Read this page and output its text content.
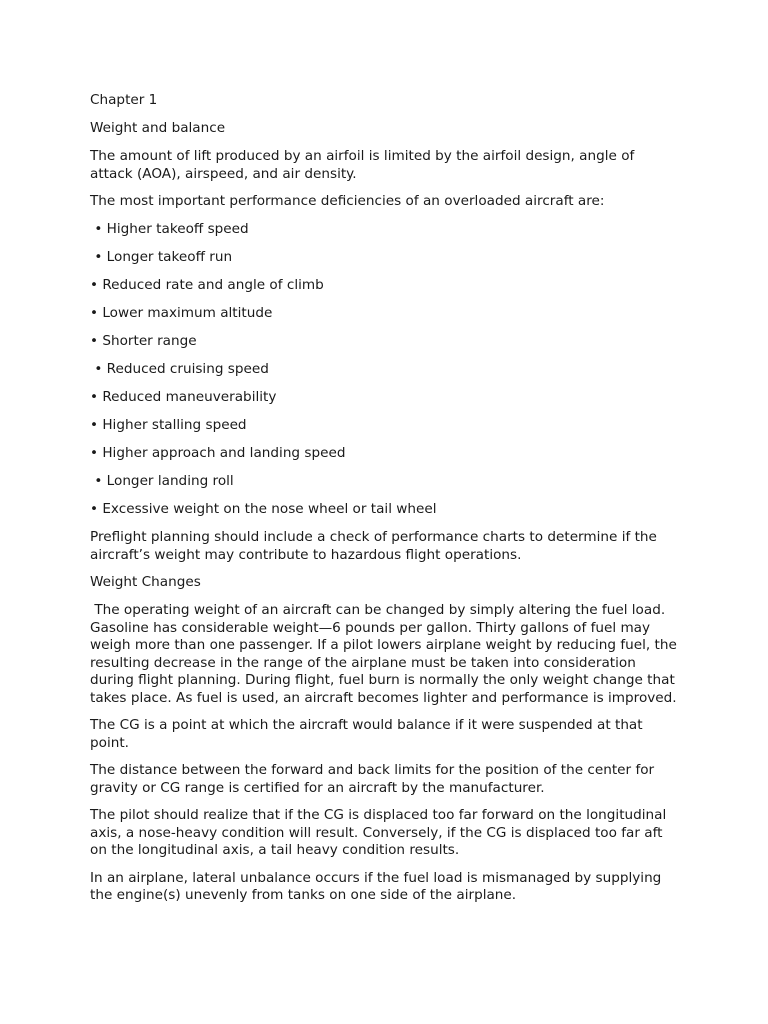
Chapter 1

Weight and balance

The amount of lift produced by an airfoil is limited by the airfoil design, angle of attack (AOA), airspeed, and air density.

The most important performance deficiencies of an overloaded aircraft are:

• Higher takeoff speed
• Longer takeoff run
• Reduced rate and angle of climb
• Lower maximum altitude
• Shorter range
• Reduced cruising speed
• Reduced maneuverability
• Higher stalling speed
• Higher approach and landing speed
• Longer landing roll
• Excessive weight on the nose wheel or tail wheel

Preflight planning should include a check of performance charts to determine if the aircraft’s weight may contribute to hazardous flight operations.

Weight Changes

The operating weight of an aircraft can be changed by simply altering the fuel load. Gasoline has considerable weight—6 pounds per gallon. Thirty gallons of fuel may weigh more than one passenger. If a pilot lowers airplane weight by reducing fuel, the resulting decrease in the range of the airplane must be taken into consideration during flight planning. During flight, fuel burn is normally the only weight change that takes place. As fuel is used, an aircraft becomes lighter and performance is improved.

The CG is a point at which the aircraft would balance if it were suspended at that point.

The distance between the forward and back limits for the position of the center for gravity or CG range is certified for an aircraft by the manufacturer.

The pilot should realize that if the CG is displaced too far forward on the longitudinal axis, a nose-heavy condition will result. Conversely, if the CG is displaced too far aft on the longitudinal axis, a tail heavy condition results.

In an airplane, lateral unbalance occurs if the fuel load is mismanaged by supplying the engine(s) unevenly from tanks on one side of the airplane.
